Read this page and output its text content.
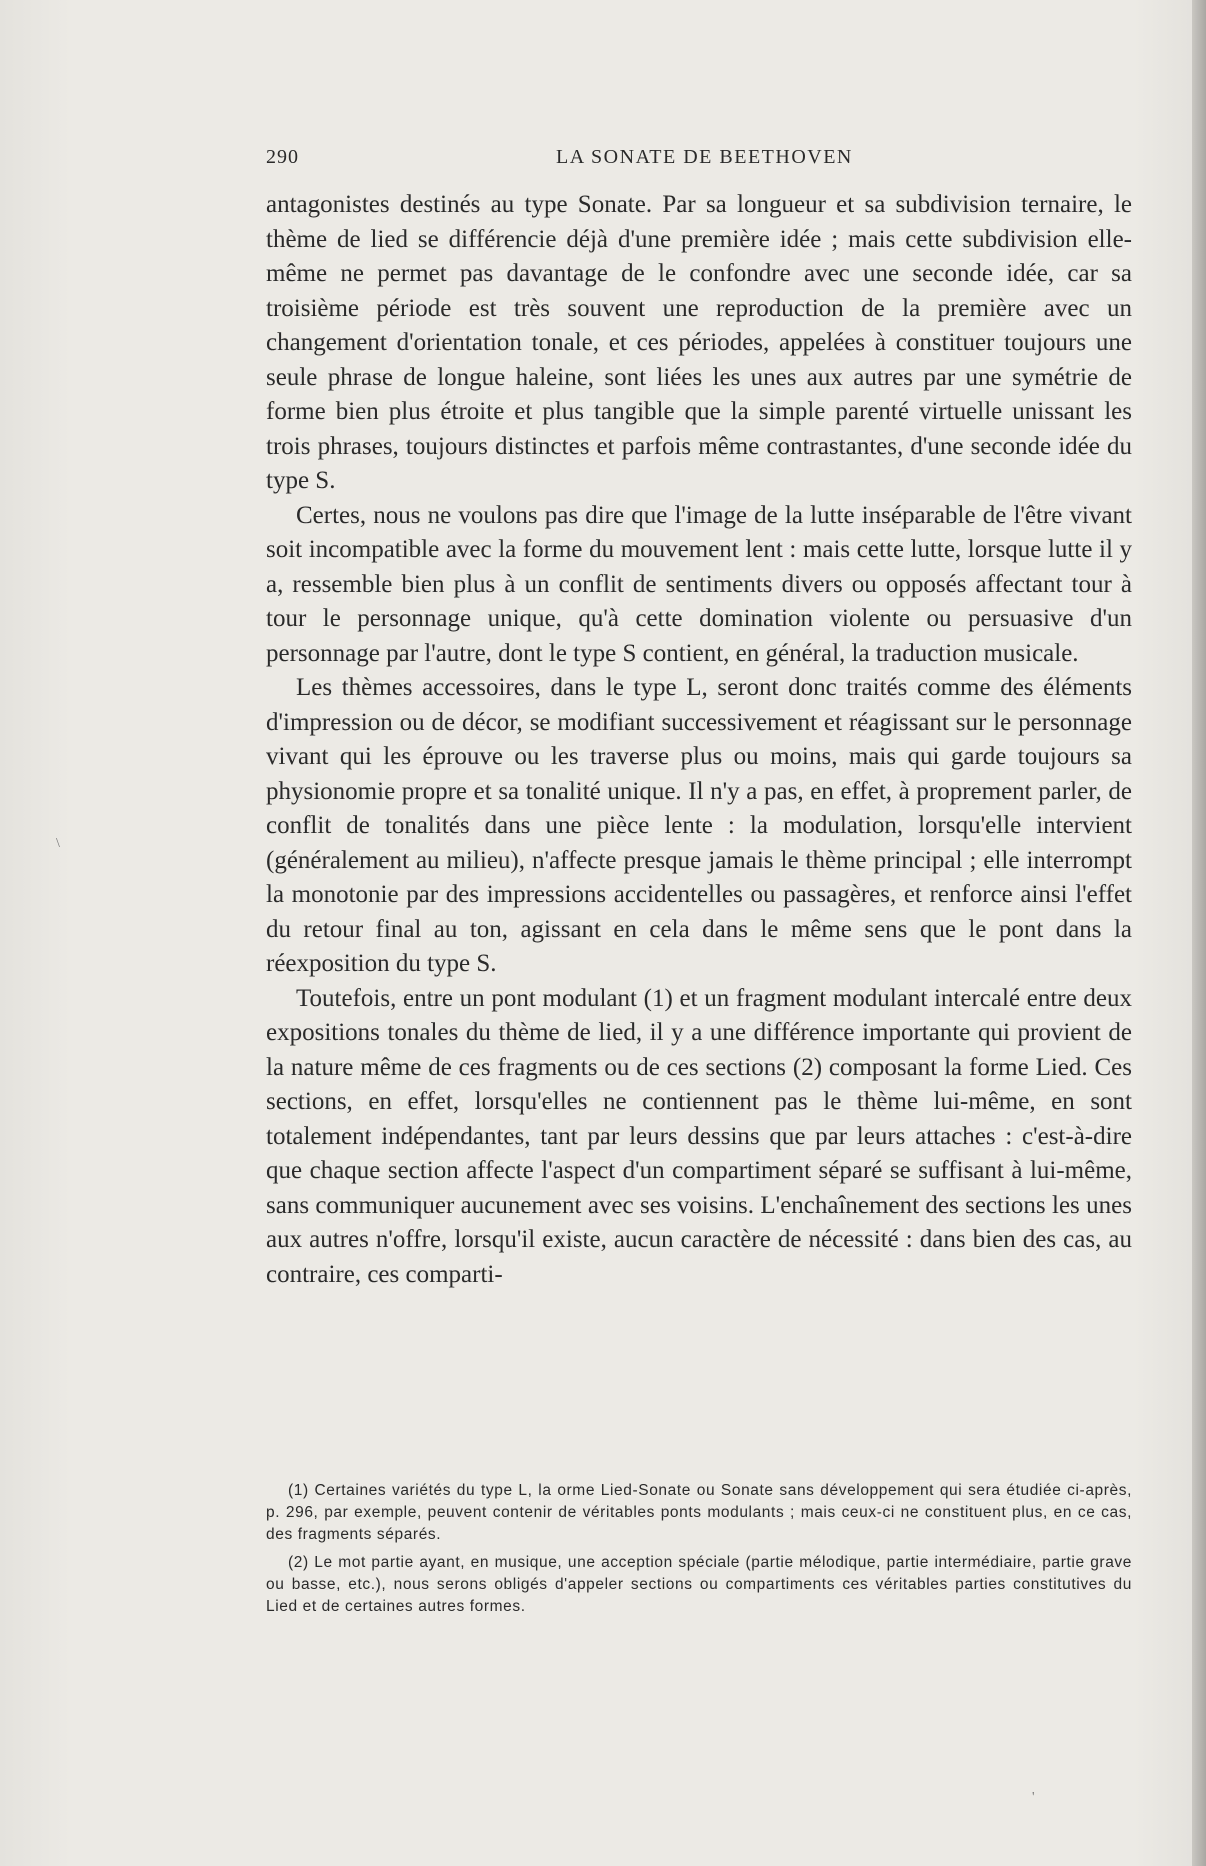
290	LA SONATE DE BEETHOVEN

antagonistes destinés au type Sonate. Par sa longueur et sa subdivision ternaire, le thème de lied se différencie déjà d'une première idée ; mais cette subdivision elle-même ne permet pas davantage de le confondre avec une seconde idée, car sa troisième période est très souvent une reproduction de la première avec un changement d'orientation tonale, et ces périodes, appelées à constituer toujours une seule phrase de longue haleine, sont liées les unes aux autres par une symétrie de forme bien plus étroite et plus tangible que la simple parenté virtuelle unissant les trois phrases, toujours distinctes et parfois même contrastantes, d'une seconde idée du type S.

Certes, nous ne voulons pas dire que l'image de la lutte inséparable de l'être vivant soit incompatible avec la forme du mouvement lent : mais cette lutte, lorsque lutte il y a, ressemble bien plus à un conflit de sentiments divers ou opposés affectant tour à tour le personnage unique, qu'à cette domination violente ou persuasive d'un personnage par l'autre, dont le type S contient, en général, la traduction musicale.

Les thèmes accessoires, dans le type L, seront donc traités comme des éléments d'impression ou de décor, se modifiant successivement et réagissant sur le personnage vivant qui les éprouve ou les traverse plus ou moins, mais qui garde toujours sa physionomie propre et sa tonalité unique. Il n'y a pas, en effet, à proprement parler, de conflit de tonalités dans une pièce lente : la modulation, lorsqu'elle intervient (généralement au milieu), n'affecte presque jamais le thème principal ; elle interrompt la monotonie par des impressions accidentelles ou passagères, et renforce ainsi l'effet du retour final au ton, agissant en cela dans le même sens que le pont dans la réexposition du type S.

Toutefois, entre un pont modulant (1) et un fragment modulant intercalé entre deux expositions tonales du thème de lied, il y a une différence importante qui provient de la nature même de ces fragments ou de ces sections (2) composant la forme Lied. Ces sections, en effet, lorsqu'elles ne contiennent pas le thème lui-même, en sont totalement indépendantes, tant par leurs dessins que par leurs attaches : c'est-à-dire que chaque section affecte l'aspect d'un compartiment séparé se suffisant à lui-même, sans communiquer aucunement avec ses voisins. L'enchaînement des sections les unes aux autres n'offre, lorsqu'il existe, aucun caractère de nécessité : dans bien des cas, au contraire, ces comparti-

(1) Certaines variétés du type L, la orme Lied-Sonate ou Sonate sans développement qui sera étudiée ci-après, p. 296, par exemple, peuvent contenir de véritables ponts modulants ; mais ceux-ci ne constituent plus, en ce cas, des fragments séparés.

(2) Le mot partie ayant, en musique, une acception spéciale (partie mélodique, partie intermédiaire, partie grave ou basse, etc.), nous serons obligés d'appeler sections ou compartiments ces véritables parties constitutives du Lied et de certaines autres formes.

\
'
